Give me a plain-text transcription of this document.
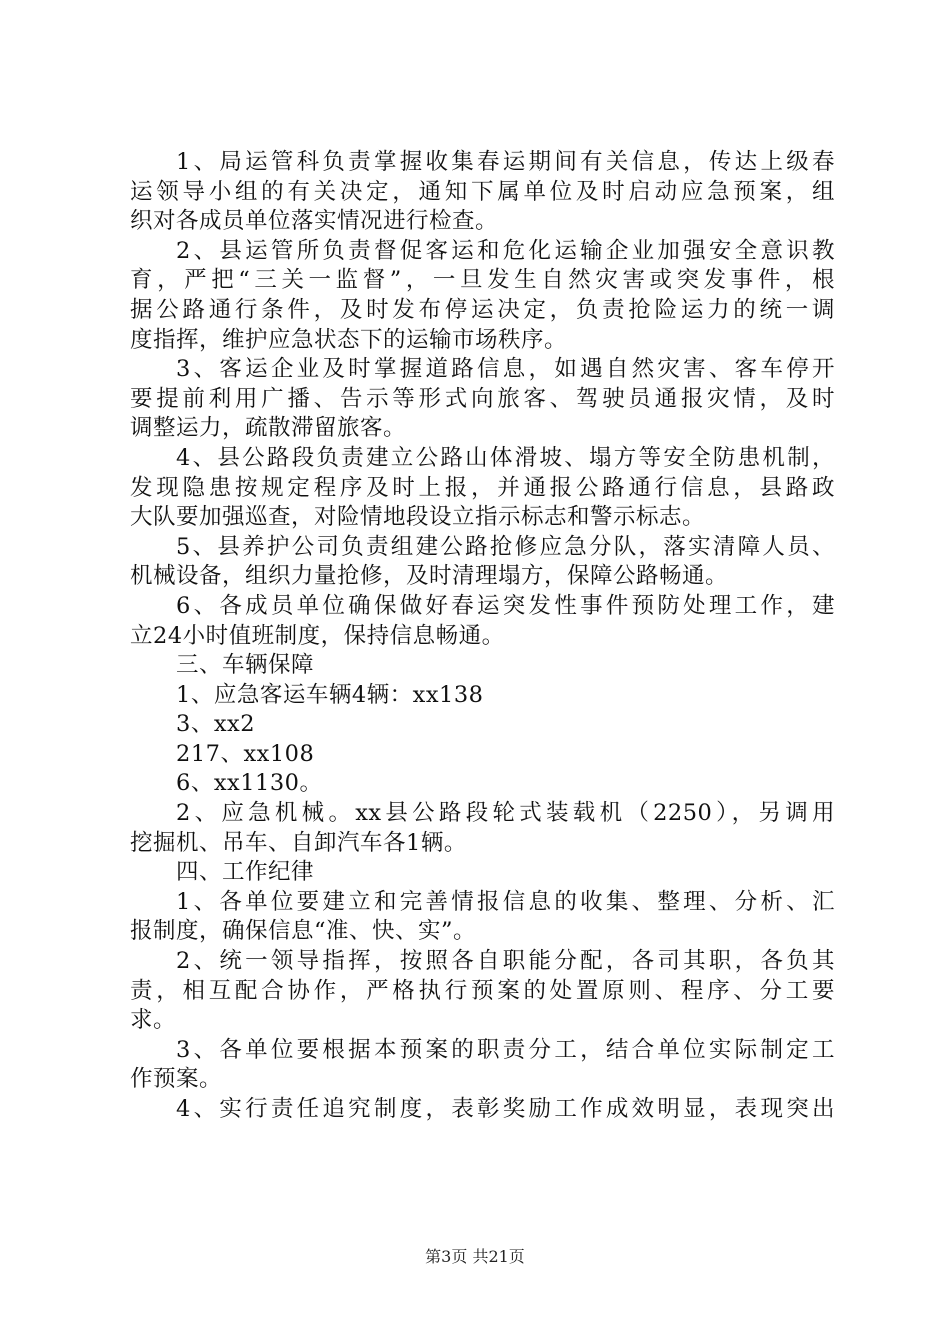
1、局运管科负责掌握收集春运期间有关信息，传达上级春
运领导小组的有关决定，通知下属单位及时启动应急预案，组
织对各成员单位落实情况进行检查。
2、县运管所负责督促客运和危化运输企业加强安全意识教
育，严把“三关一监督”，一旦发生自然灾害或突发事件，根
据公路通行条件，及时发布停运决定，负责抢险运力的统一调
度指挥，维护应急状态下的运输市场秩序。
3、客运企业及时掌握道路信息，如遇自然灾害、客车停开
要提前利用广播、告示等形式向旅客、驾驶员通报灾情，及时
调整运力，疏散滞留旅客。
4、县公路段负责建立公路山体滑坡、塌方等安全防患机制，
发现隐患按规定程序及时上报，并通报公路通行信息，县路政
大队要加强巡查，对险情地段设立指示标志和警示标志。
5、县养护公司负责组建公路抢修应急分队，落实清障人员、
机械设备，组织力量抢修，及时清理塌方，保障公路畅通。
6、各成员单位确保做好春运突发性事件预防处理工作，建
立24小时值班制度，保持信息畅通。
三、车辆保障
1、应急客运车辆4辆：xx138
3、xx2
217、xx108
6、xx1130。
2、应急机械。xx县公路段轮式装载机（2250），另调用
挖掘机、吊车、自卸汽车各1辆。
四、工作纪律
1、各单位要建立和完善情报信息的收集、整理、分析、汇
报制度，确保信息“准、快、实”。
2、统一领导指挥，按照各自职能分配，各司其职，各负其
责，相互配合协作，严格执行预案的处置原则、程序、分工要
求。
3、各单位要根据本预案的职责分工，结合单位实际制定工
作预案。
4、实行责任追究制度，表彰奖励工作成效明显，表现突出
第3页 共21页
